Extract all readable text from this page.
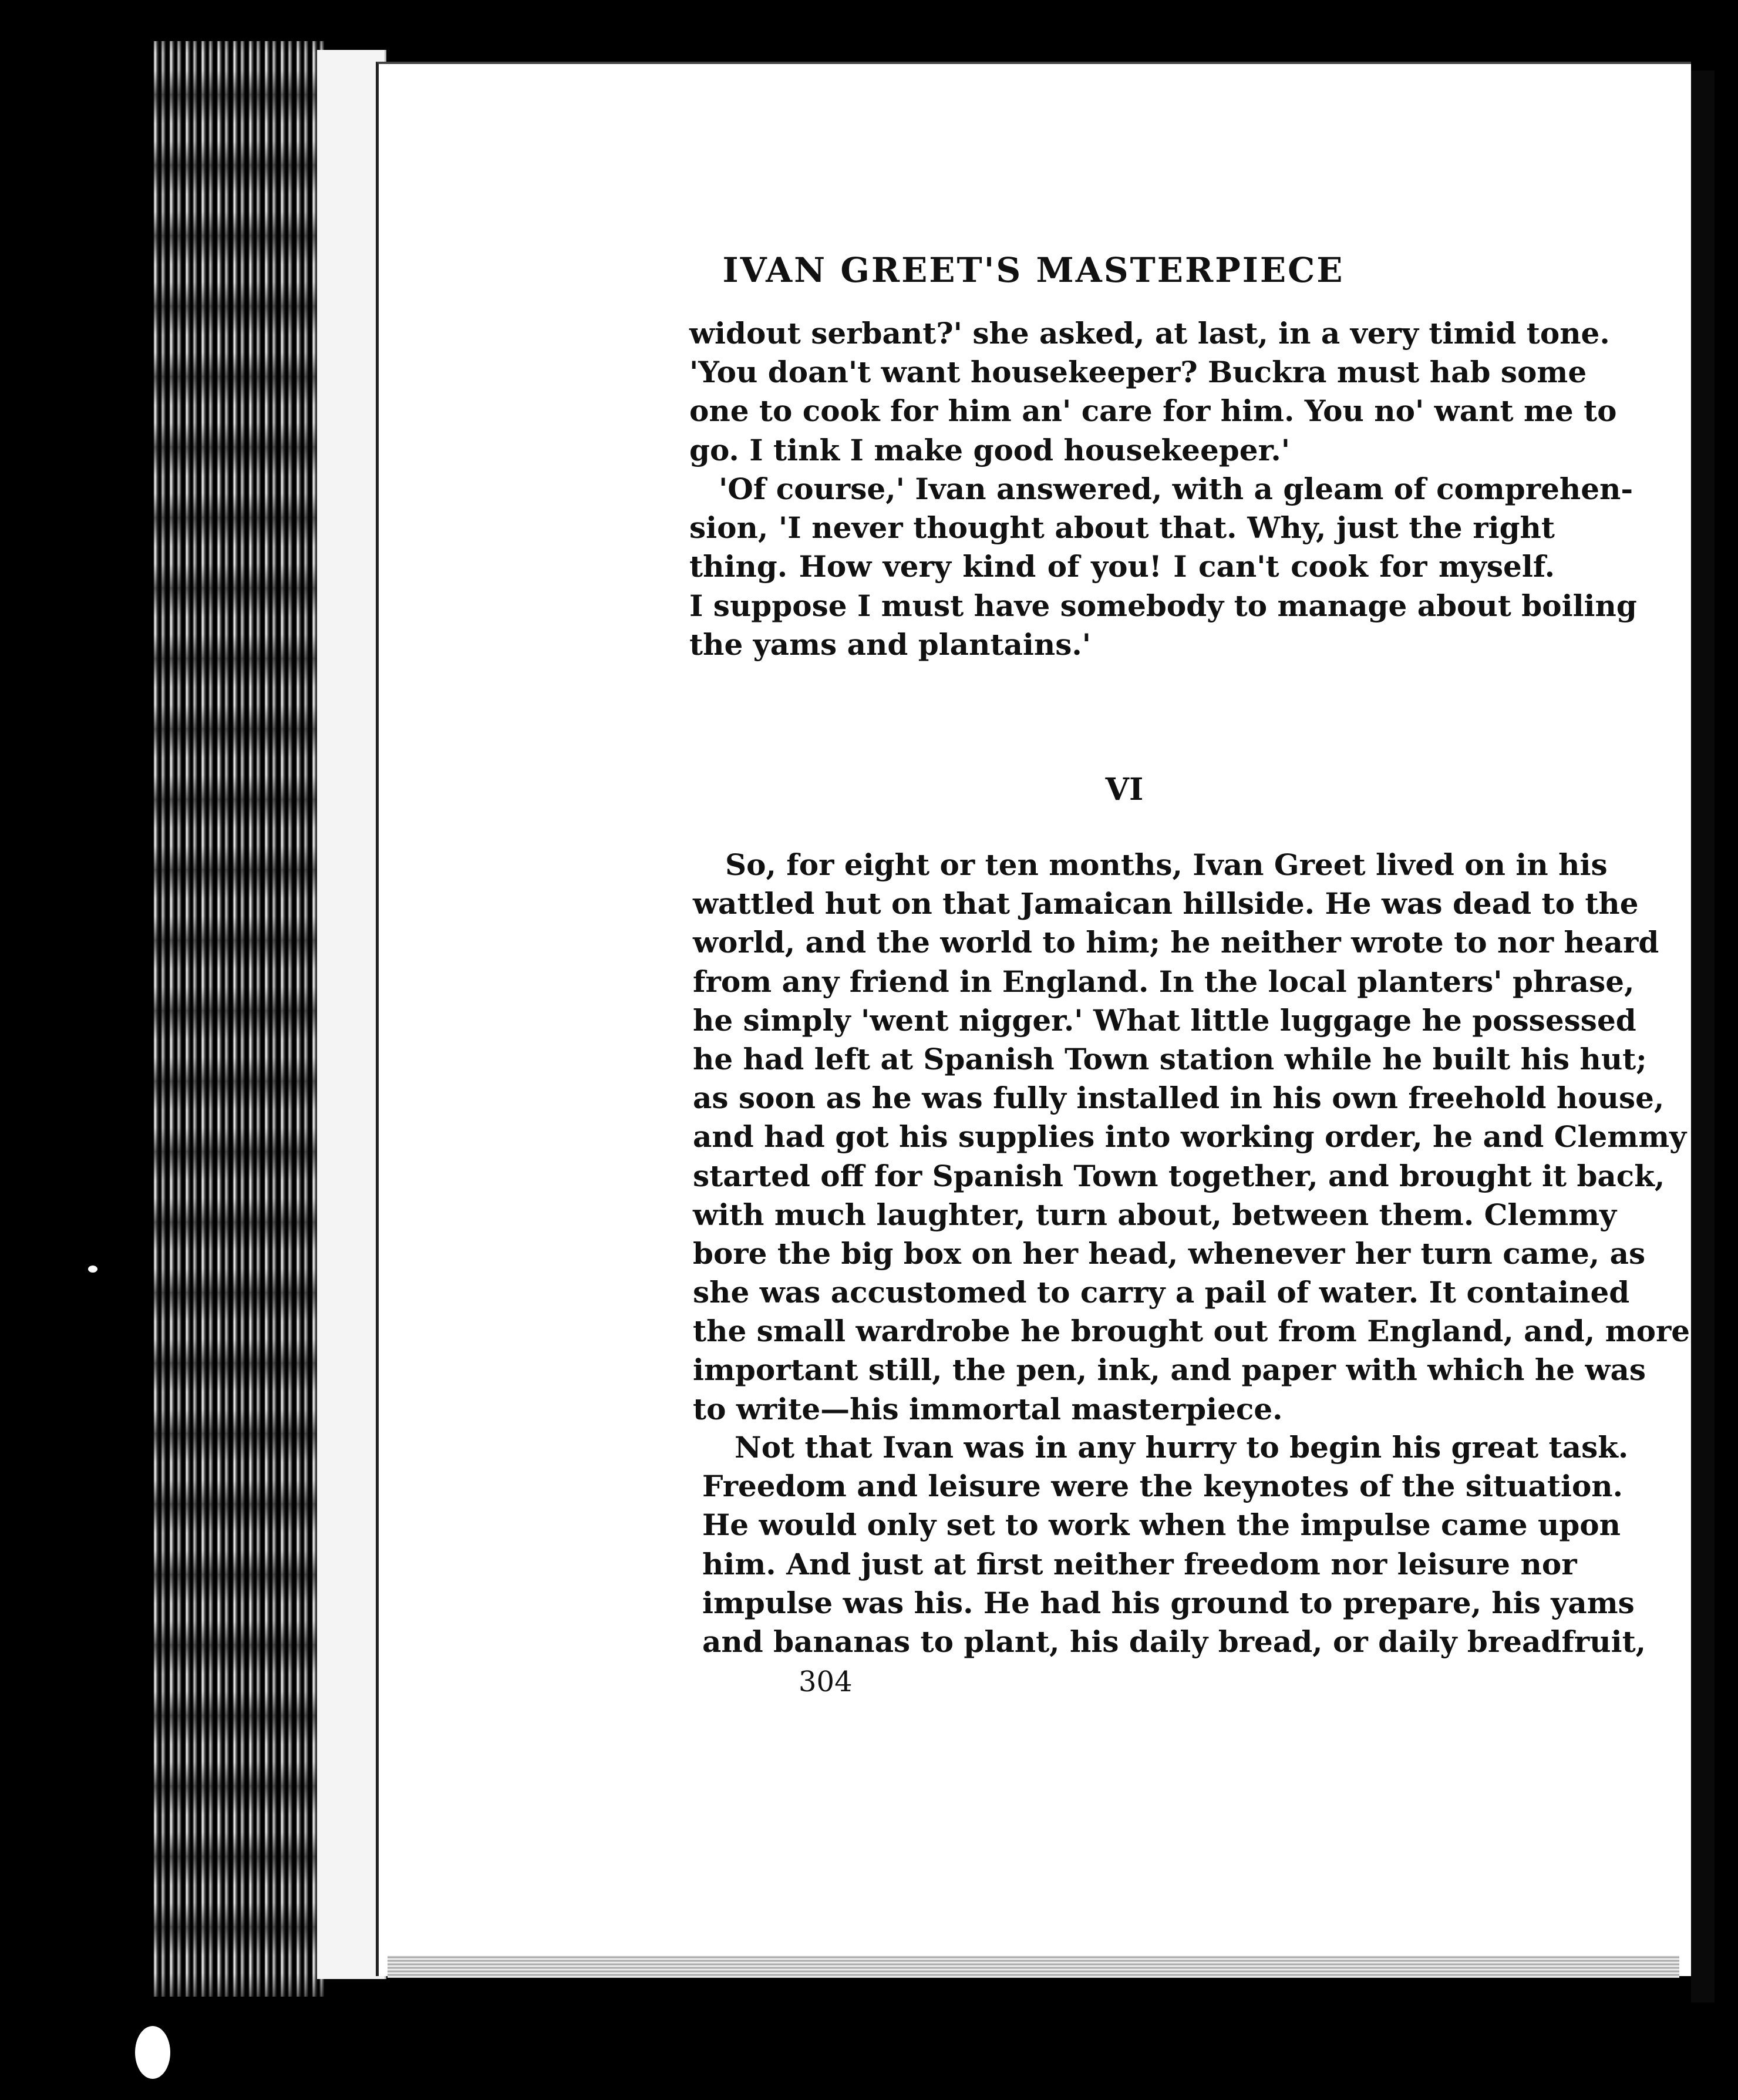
IVAN GREET'S MASTERPIECE
widout serbant?' she asked, at last, in a very timid tone.
'You doan't want housekeeper? Buckra must hab some
one to cook for him an' care for him. You no' want me to
go. I tink I make good housekeeper.'
'Of course,' Ivan answered, with a gleam of comprehen-
sion, 'I never thought about that. Why, just the right
thing. How very kind of you! I can't cook for myself.
I suppose I must have somebody to manage about boiling
the yams and plantains.'
VI
So, for eight or ten months, Ivan Greet lived on in his
wattled hut on that Jamaican hillside. He was dead to the
world, and the world to him; he neither wrote to nor heard
from any friend in England. In the local planters' phrase,
he simply 'went nigger.' What little luggage he possessed
he had left at Spanish Town station while he built his hut;
as soon as he was fully installed in his own freehold house,
and had got his supplies into working order, he and Clemmy
started off for Spanish Town together, and brought it back,
with much laughter, turn about, between them. Clemmy
bore the big box on her head, whenever her turn came, as
she was accustomed to carry a pail of water. It contained
the small wardrobe he brought out from England, and, more
important still, the pen, ink, and paper with which he was
to write—his immortal masterpiece.
Not that Ivan was in any hurry to begin his great task.
Freedom and leisure were the keynotes of the situation.
He would only set to work when the impulse came upon
him. And just at first neither freedom nor leisure nor
impulse was his. He had his ground to prepare, his yams
and bananas to plant, his daily bread, or daily breadfruit,
304
